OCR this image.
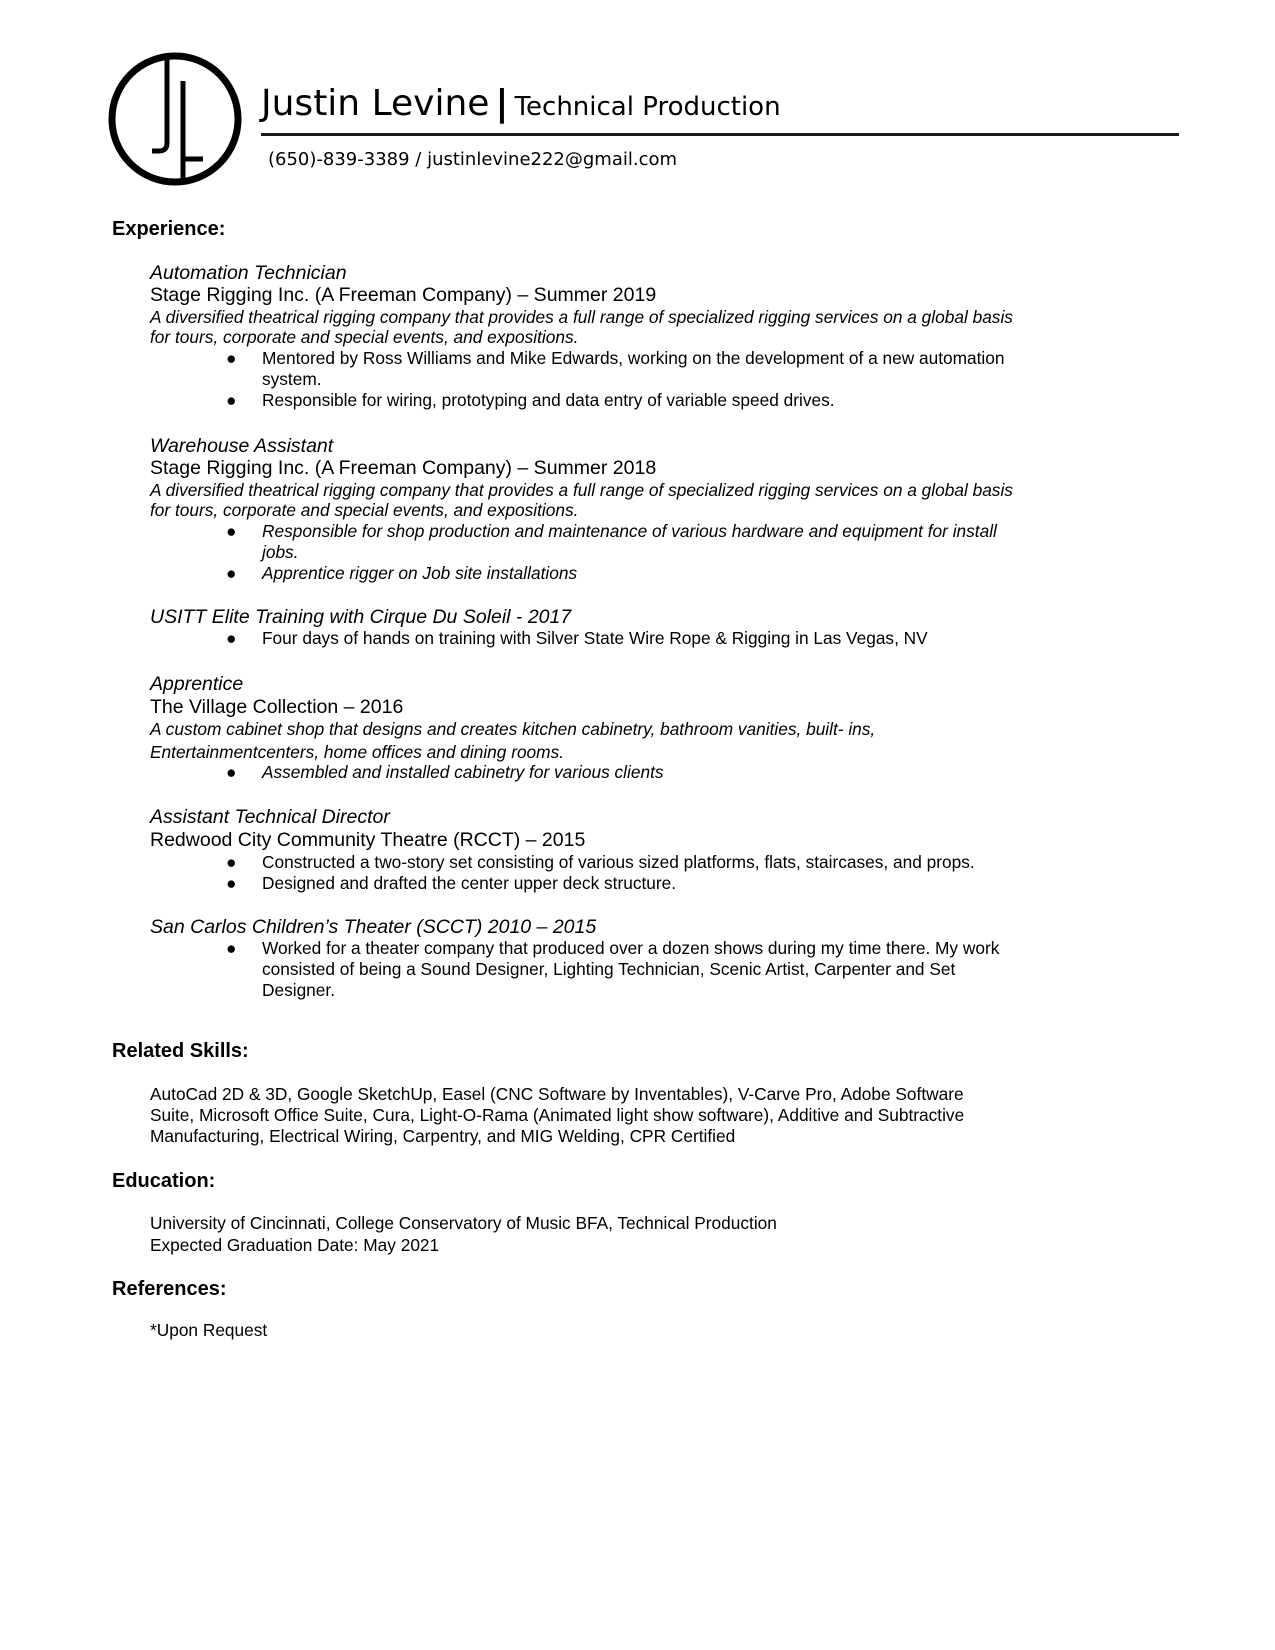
Justin Levine | Technical Production
(650)-839-3389 / justinlevine222@gmail.com
Experience:
Automation Technician
Stage Rigging Inc. (A Freeman Company) – Summer 2019
A diversified theatrical rigging company that provides a full range of specialized rigging services on a global basis
for tours, corporate and special events, and expositions.
● Mentored by Ross Williams and Mike Edwards, working on the development of a new automation
system.
● Responsible for wiring, prototyping and data entry of variable speed drives.
Warehouse Assistant
Stage Rigging Inc. (A Freeman Company) – Summer 2018
A diversified theatrical rigging company that provides a full range of specialized rigging services on a global basis
for tours, corporate and special events, and expositions.
● Responsible for shop production and maintenance of various hardware and equipment for install
jobs.
● Apprentice rigger on Job site installations
USITT Elite Training with Cirque Du Soleil - 2017
● Four days of hands on training with Silver State Wire Rope & Rigging in Las Vegas, NV
Apprentice
The Village Collection – 2016
A custom cabinet shop that designs and creates kitchen cabinetry, bathroom vanities, built- ins,
Entertainmentcenters, home offices and dining rooms.
● Assembled and installed cabinetry for various clients
Assistant Technical Director
Redwood City Community Theatre (RCCT) – 2015
● Constructed a two-story set consisting of various sized platforms, flats, staircases, and props.
● Designed and drafted the center upper deck structure.
San Carlos Children’s Theater (SCCT) 2010 – 2015
● Worked for a theater company that produced over a dozen shows during my time there. My work
consisted of being a Sound Designer, Lighting Technician, Scenic Artist, Carpenter and Set
Designer.
Related Skills:
AutoCad 2D & 3D, Google SketchUp, Easel (CNC Software by Inventables), V-Carve Pro, Adobe Software
Suite, Microsoft Office Suite, Cura, Light-O-Rama (Animated light show software), Additive and Subtractive
Manufacturing, Electrical Wiring, Carpentry, and MIG Welding, CPR Certified
Education:
University of Cincinnati, College Conservatory of Music BFA, Technical Production
Expected Graduation Date: May 2021
References:
*Upon Request
